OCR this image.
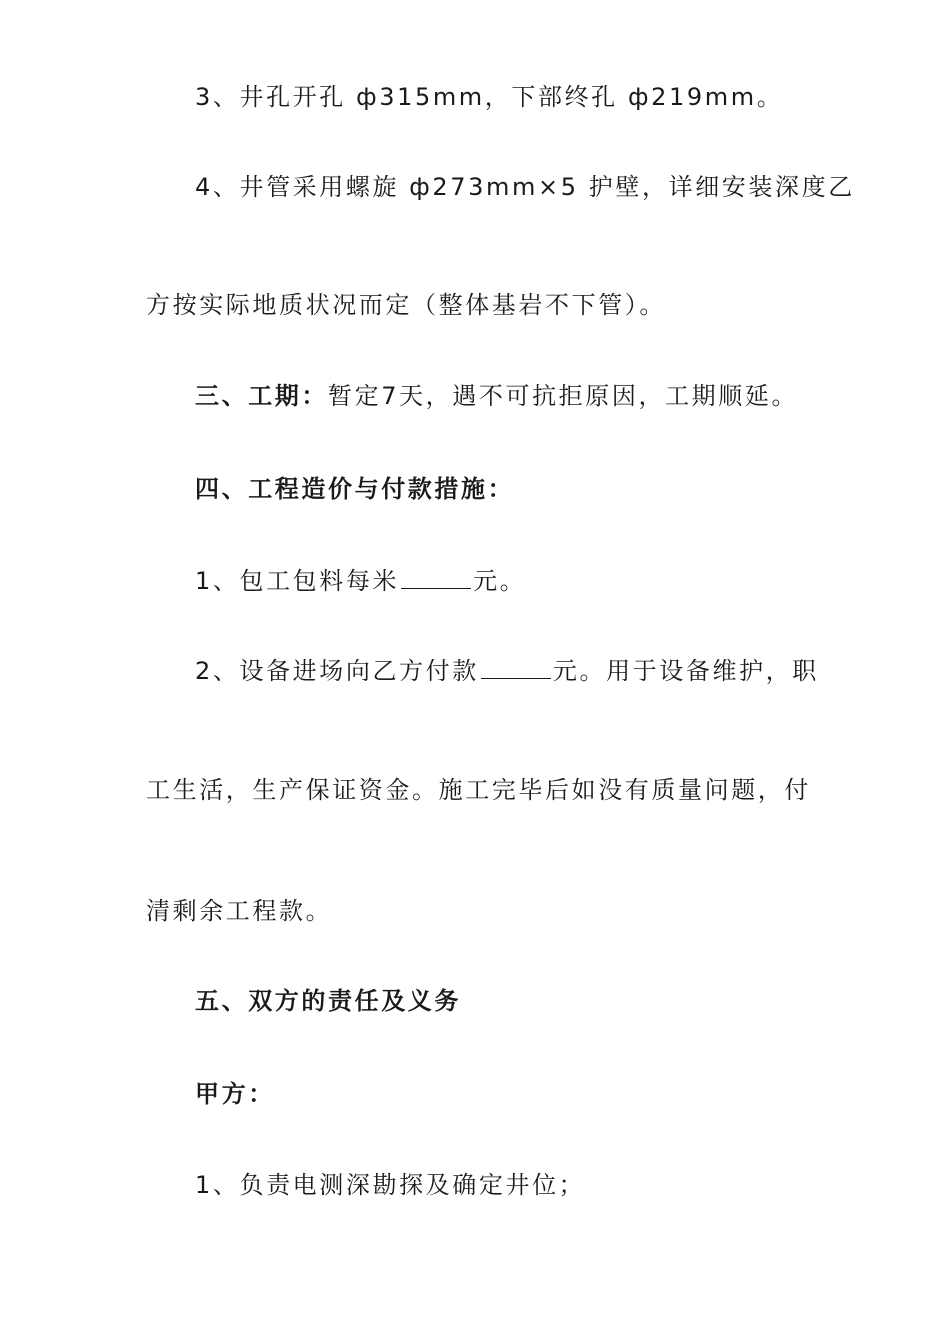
3、井孔开孔 ф315mm，下部终孔 ф219mm。
4、井管采用螺旋 ф273mm×5 护壁，详细安装深度乙
方按实际地质状况而定（整体基岩不下管）。
三、工期：暂定7天，遇不可抗拒原因，工期顺延。
四、工程造价与付款措施：
1、包工包料每米	元。
2、设备进场向乙方付款	元。用于设备维护，职
工生活，生产保证资金。施工完毕后如没有质量问题，付
清剩余工程款。
五、双方的责任及义务
甲方：
1、负责电测深勘探及确定井位；
